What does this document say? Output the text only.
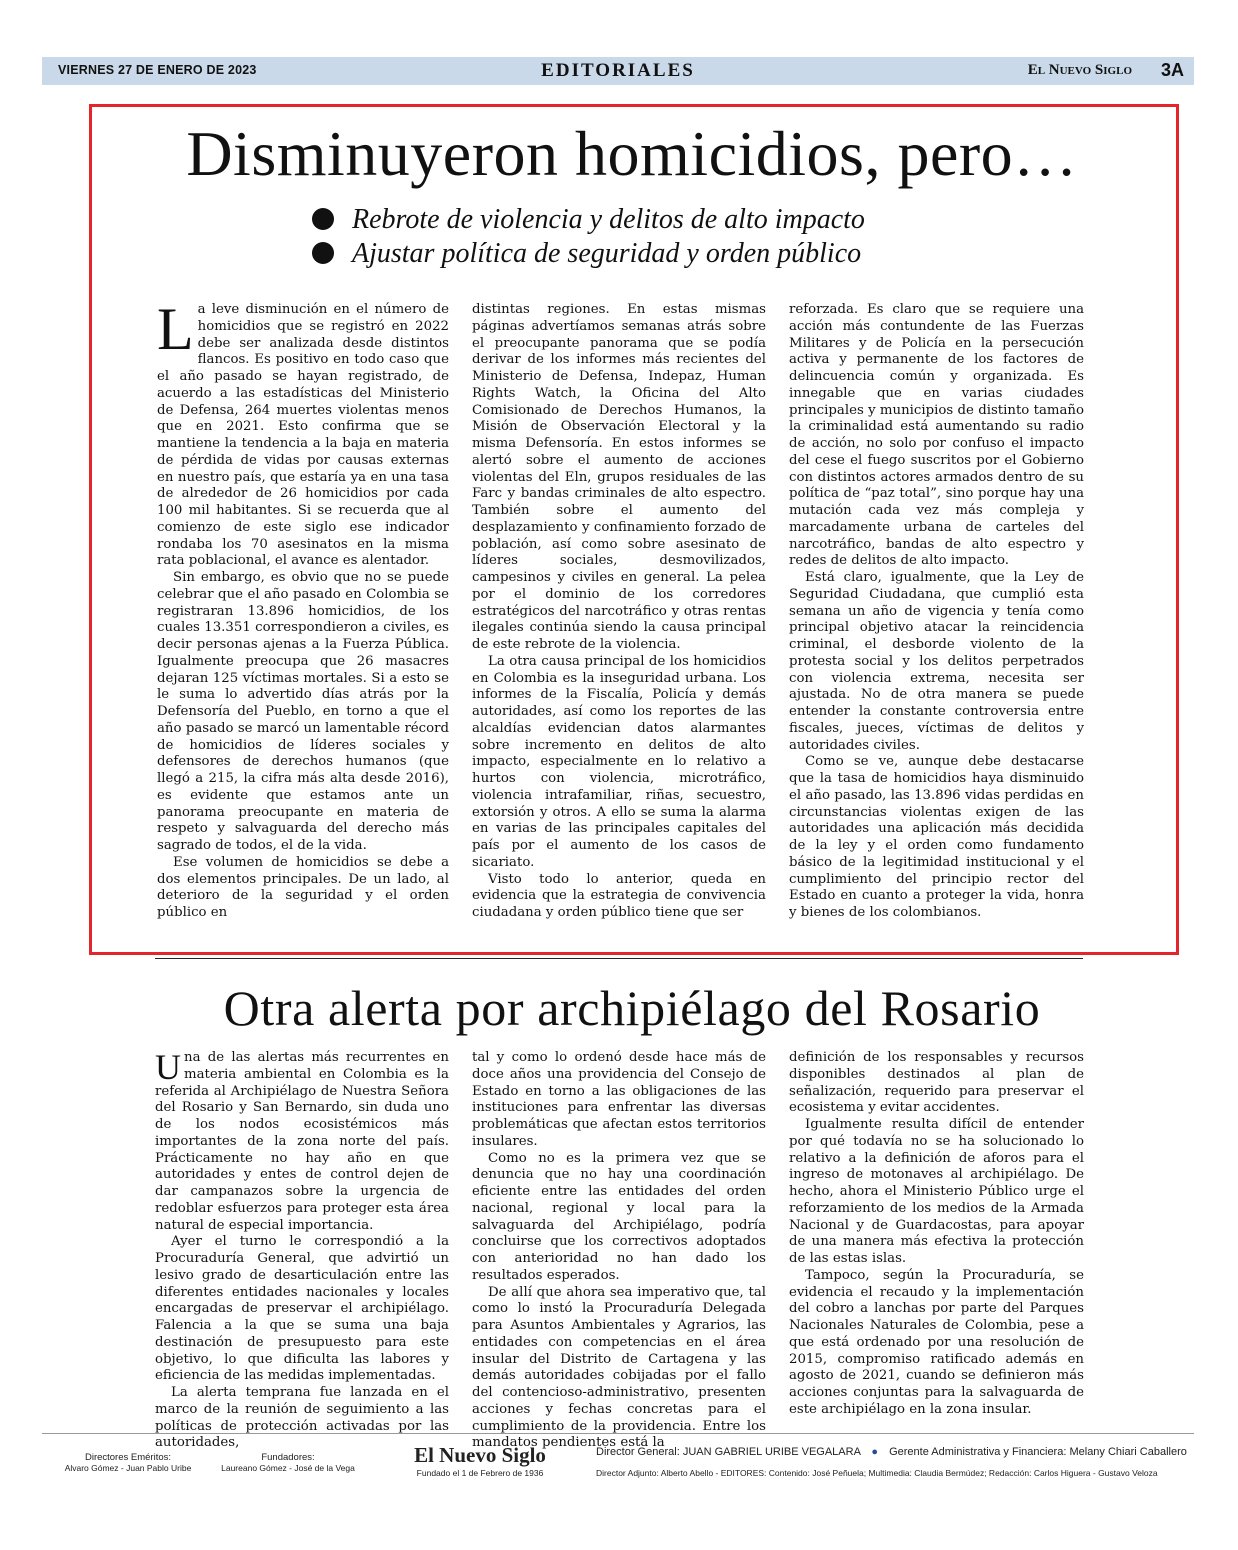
VIERNES 27 DE ENERO DE 2023	EDITORIALES	El Nuevo Siglo 3A
Disminuyeron homicidios, pero…
Rebrote de violencia y delitos de alto impacto
Ajustar política de seguridad y orden público

La leve disminución en el número de homicidios que se registró en 2022 debe ser analizada desde distintos flancos. Es positivo en todo caso que el año pasado se hayan registrado, de acuerdo a las estadísticas del Ministerio de Defensa, 264 muertes violentas menos que en 2021. Esto confirma que se mantiene la tendencia a la baja en materia de pérdida de vidas por causas externas en nuestro país, que estaría ya en una tasa de alrededor de 26 homicidios por cada 100 mil habitantes. Si se recuerda que al comienzo de este siglo ese indicador rondaba los 70 asesinatos en la misma rata poblacional, el avance es alentador.

Sin embargo, es obvio que no se puede celebrar que el año pasado en Colombia se registraran 13.896 homicidios, de los cuales 13.351 correspondieron a civiles, es decir personas ajenas a la Fuerza Pública. Igualmente preocupa que 26 masacres dejaran 125 víctimas mortales. Si a esto se le suma lo advertido días atrás por la Defensoría del Pueblo, en torno a que el año pasado se marcó un lamentable récord de homicidios de líderes sociales y defensores de derechos humanos (que llegó a 215, la cifra más alta desde 2016), es evidente que estamos ante un panorama preocupante en materia de respeto y salvaguarda del derecho más sagrado de todos, el de la vida.

Ese volumen de homicidios se debe a dos elementos principales. De un lado, al deterioro de la seguridad y el orden público en

distintas regiones. En estas mismas páginas advertíamos semanas atrás sobre el preocupante panorama que se podía derivar de los informes más recientes del Ministerio de Defensa, Indepaz, Human Rights Watch, la Oficina del Alto Comisionado de Derechos Humanos, la Misión de Observación Electoral y la misma Defensoría. En estos informes se alertó sobre el aumento de acciones violentas del Eln, grupos residuales de las Farc y bandas criminales de alto espectro. También sobre el aumento del desplazamiento y confinamiento forzado de población, así como sobre asesinato de líderes sociales, desmovilizados, campesinos y civiles en general. La pelea por el dominio de los corredores estratégicos del narcotráfico y otras rentas ilegales continúa siendo la causa principal de este rebrote de la violencia.

La otra causa principal de los homicidios en Colombia es la inseguridad urbana. Los informes de la Fiscalía, Policía y demás autoridades, así como los reportes de las alcaldías evidencian datos alarmantes sobre incremento en delitos de alto impacto, especialmente en lo relativo a hurtos con violencia, microtráfico, violencia intrafamiliar, riñas, secuestro, extorsión y otros. A ello se suma la alarma en varias de las principales capitales del país por el aumento de los casos de sicariato.

Visto todo lo anterior, queda en evidencia que la estrategia de convivencia ciudadana y orden público tiene que ser

reforzada. Es claro que se requiere una acción más contundente de las Fuerzas Militares y de Policía en la persecución activa y permanente de los factores de delincuencia común y organizada. Es innegable que en varias ciudades principales y municipios de distinto tamaño la criminalidad está aumentando su radio de acción, no solo por confuso el impacto del cese el fuego suscritos por el Gobierno con distintos actores armados dentro de su política de “paz total”, sino porque hay una mutación cada vez más compleja y marcadamente urbana de carteles del narcotráfico, bandas de alto espectro y redes de delitos de alto impacto.

Está claro, igualmente, que la Ley de Seguridad Ciudadana, que cumplió esta semana un año de vigencia y tenía como principal objetivo atacar la reincidencia criminal, el desborde violento de la protesta social y los delitos perpetrados con violencia extrema, necesita ser ajustada. No de otra manera se puede entender la constante controversia entre fiscales, jueces, víctimas de delitos y autoridades civiles.

Como se ve, aunque debe destacarse que la tasa de homicidios haya disminuido el año pasado, las 13.896 vidas perdidas en circunstancias violentas exigen de las autoridades una aplicación más decidida de la ley y el orden como fundamento básico de la legitimidad institucional y el cumplimiento del principio rector del Estado en cuanto a proteger la vida, honra y bienes de los colombianos.

Otra alerta por archipiélago del Rosario

Una de las alertas más recurrentes en materia ambiental en Colombia es la referida al Archipiélago de Nuestra Señora del Rosario y San Bernardo, sin duda uno de los nodos ecosistémicos más importantes de la zona norte del país. Prácticamente no hay año en que autoridades y entes de control dejen de dar campanazos sobre la urgencia de redoblar esfuerzos para proteger esta área natural de especial importancia.

Ayer el turno le correspondió a la Procuraduría General, que advirtió un lesivo grado de desarticulación entre las diferentes entidades nacionales y locales encargadas de preservar el archipiélago. Falencia a la que se suma una baja destinación de presupuesto para este objetivo, lo que dificulta las labores y eficiencia de las medidas implementadas.

La alerta temprana fue lanzada en el marco de la reunión de seguimiento a las políticas de protección activadas por las autoridades,

tal y como lo ordenó desde hace más de doce años una providencia del Consejo de Estado en torno a las obligaciones de las instituciones para enfrentar las diversas problemáticas que afectan estos territorios insulares.

Como no es la primera vez que se denuncia que no hay una coordinación eficiente entre las entidades del orden nacional, regional y local para la salvaguarda del Archipiélago, podría concluirse que los correctivos adoptados con anterioridad no han dado los resultados esperados.

De allí que ahora sea imperativo que, tal como lo instó la Procuraduría Delegada para Asuntos Ambientales y Agrarios, las entidades con competencias en el área insular del Distrito de Cartagena y las demás autoridades cobijadas por el fallo del contencioso-administrativo, presenten acciones y fechas concretas para el cumplimiento de la providencia. Entre los mandatos pendientes está la

definición de los responsables y recursos disponibles destinados al plan de señalización, requerido para preservar el ecosistema y evitar accidentes.

Igualmente resulta difícil de entender por qué todavía no se ha solucionado lo relativo a la definición de aforos para el ingreso de motonaves al archipiélago. De hecho, ahora el Ministerio Público urge el reforzamiento de los medios de la Armada Nacional y de Guardacostas, para apoyar de una manera más efectiva la protección de las estas islas.

Tampoco, según la Procuraduría, se evidencia el recaudo y la implementación del cobro a lanchas por parte del Parques Nacionales Naturales de Colombia, pese a que está ordenado por una resolución de 2015, compromiso ratificado además en agosto de 2021, cuando se definieron más acciones conjuntas para la salvaguarda de este archipiélago en la zona insular.

Directores Eméritos:
Alvaro Gómez - Juan Pablo Uribe
Fundadores:
Laureano Gómez - José de la Vega
El Nuevo Siglo
Fundado el 1 de Febrero de 1936
Director General: JUAN GABRIEL URIBE VEGALARA ● Gerente Administrativa y Financiera: Melany Chiari Caballero
Director Adjunto: Alberto Abello - EDITORES: Contenido: José Peñuela; Multimedia: Claudia Bermúdez; Redacción: Carlos Higuera - Gustavo Veloza
